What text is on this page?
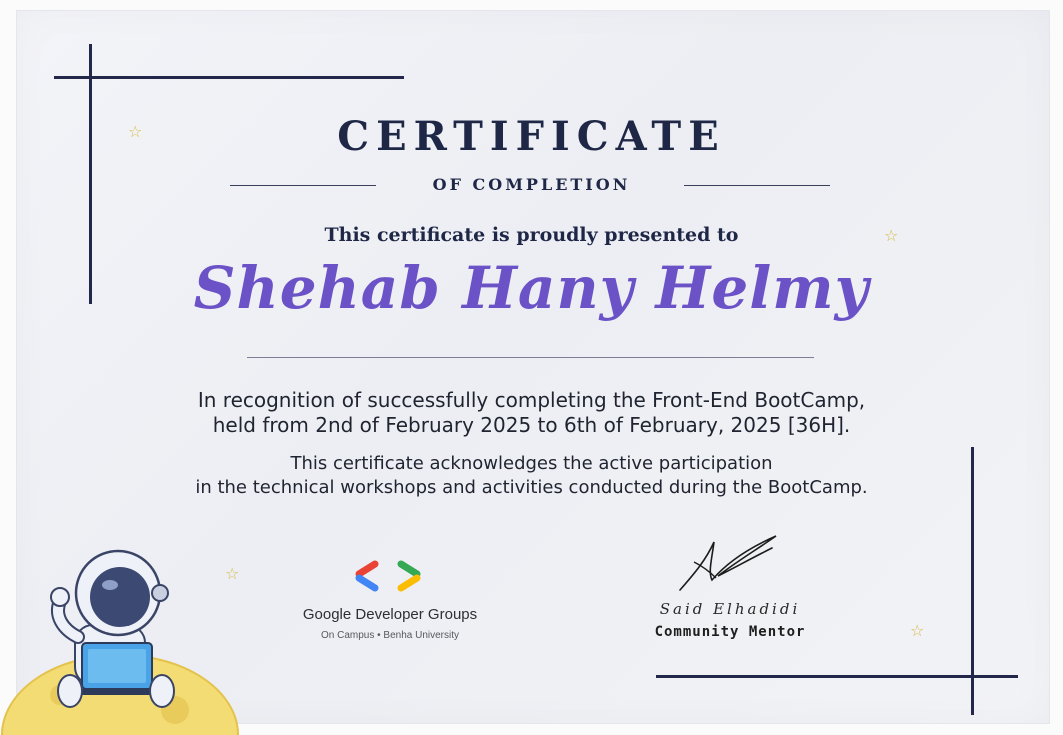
☆
☆
☆
☆
CERTIFICATE
OF COMPLETION
This certificate is proudly presented to
Shehab Hany Helmy
In recognition of successfully completing the Front-End BootCamp,
held from 2nd of February 2025 to 6th of February, 2025 [36H].
This certificate acknowledges the active participation
in the technical workshops and activities conducted during the BootCamp.
Google Developer Groups
On Campus • Benha University
Said Elhadidi
Community Mentor
